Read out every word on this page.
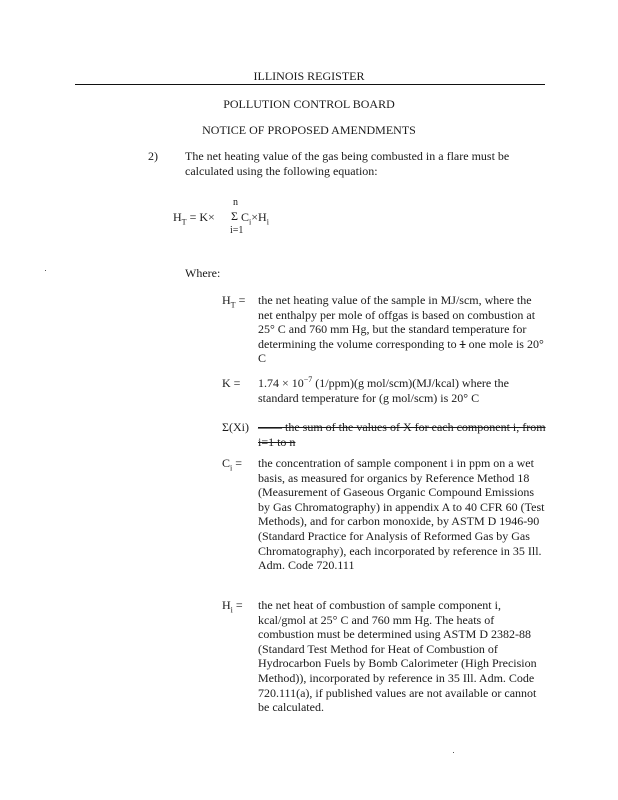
ILLINOIS REGISTER
POLLUTION CONTROL BOARD
NOTICE OF PROPOSED AMENDMENTS
2) The net heating value of the gas being combusted in a flare must be calculated using the following equation:
$H_T = K\times$
n
Σ
i=1
$C_i\times H_i$
Where:
$H_T$ = the net heating value of the sample in MJ/scm, where the net enthalpy per mole of offgas is based on combustion at 25° C and 760 mm Hg, but the standard temperature for determining the volume corresponding to 1 one mole is 20° C
$K = 1.74 \times 10^{-7}$ (1/ppm)(g mol/scm)(MJ/kcal) where the standard temperature for (g mol/scm) is 20° C
Σ(Xi) —— the sum of the values of X for each component i, from i=1 to n
$C_i$ = the concentration of sample component i in ppm on a wet basis, as measured for organics by Reference Method 18 (Measurement of Gaseous Organic Compound Emissions by Gas Chromatography) in appendix A to 40 CFR 60 (Test Methods), and for carbon monoxide, by ASTM D 1946-90 (Standard Practice for Analysis of Reformed Gas by Gas Chromatography), each incorporated by reference in 35 Ill. Adm. Code 720.111
$H_i$ = the net heat of combustion of sample component i, kcal/gmol at 25° C and 760 mm Hg. The heats of combustion must be determined using ASTM D 2382-88 (Standard Test Method for Heat of Combustion of Hydrocarbon Fuels by Bomb Calorimeter (High Precision Method)), incorporated by reference in 35 Ill. Adm. Code 720.111(a), if published values are not available or cannot be calculated.
